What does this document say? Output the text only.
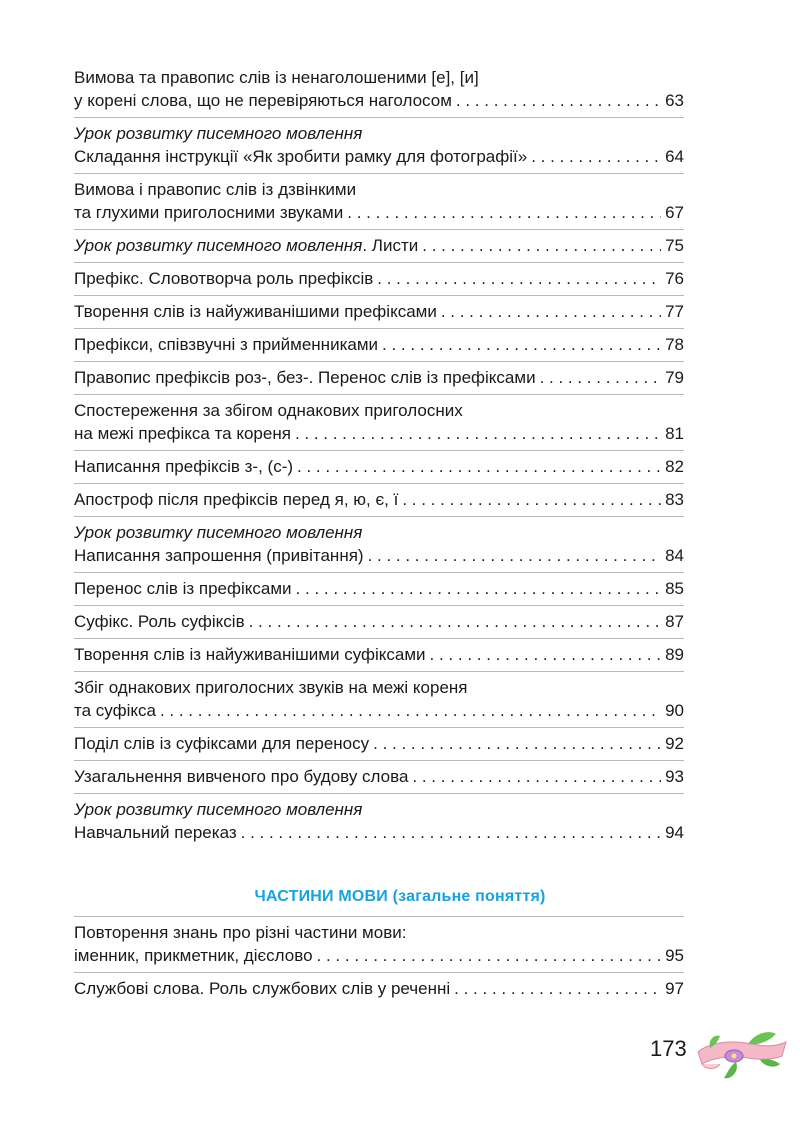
Вимова та правопис слів із ненаголошеними [е], [и]
у корені слова, що не перевіряються наголосом . . .	63
Урок розвитку писемного мовлення
Складання інструкції «Як зробити рамку для фотографії» . . .	64
Вимова і правопис слів із дзвінкими
та глухими приголосними звуками . . .	67
Урок розвитку писемного мовлення. Листи . . .	75
Префікс. Словотворча роль префіксів . . .	76
Творення слів із найуживанішими префіксами . . .	77
Префікси, співзвучні з прийменниками . . .	78
Правопис префіксів роз-, без-. Перенос слів із префіксами . . .	79
Спостереження за збігом однакових приголосних
на межі префікса та кореня . . .	81
Написання префіксів з-, (с-) . . .	82
Апостроф після префіксів перед я, ю, є, ї . . .	83
Урок розвитку писемного мовлення
Написання запрошення (привітання) . . .	84
Перенос слів із префіксами . . .	85
Суфікс. Роль суфіксів . . .	87
Творення слів із найуживанішими суфіксами . . .	89
Збіг однакових приголосних звуків на межі кореня
та суфікса . . .	90
Поділ слів із суфіксами для переносу . . .	92
Узагальнення вивченого про будову слова . . .	93
Урок розвитку писемного мовлення
Навчальний переказ . . .	94
ЧАСТИНИ МОВИ (загальне поняття)
Повторення знань про різні частини мови:
іменник, прикметник, дієслово . . .	95
Службові слова. Роль службових слів у реченні . . .	97
173
